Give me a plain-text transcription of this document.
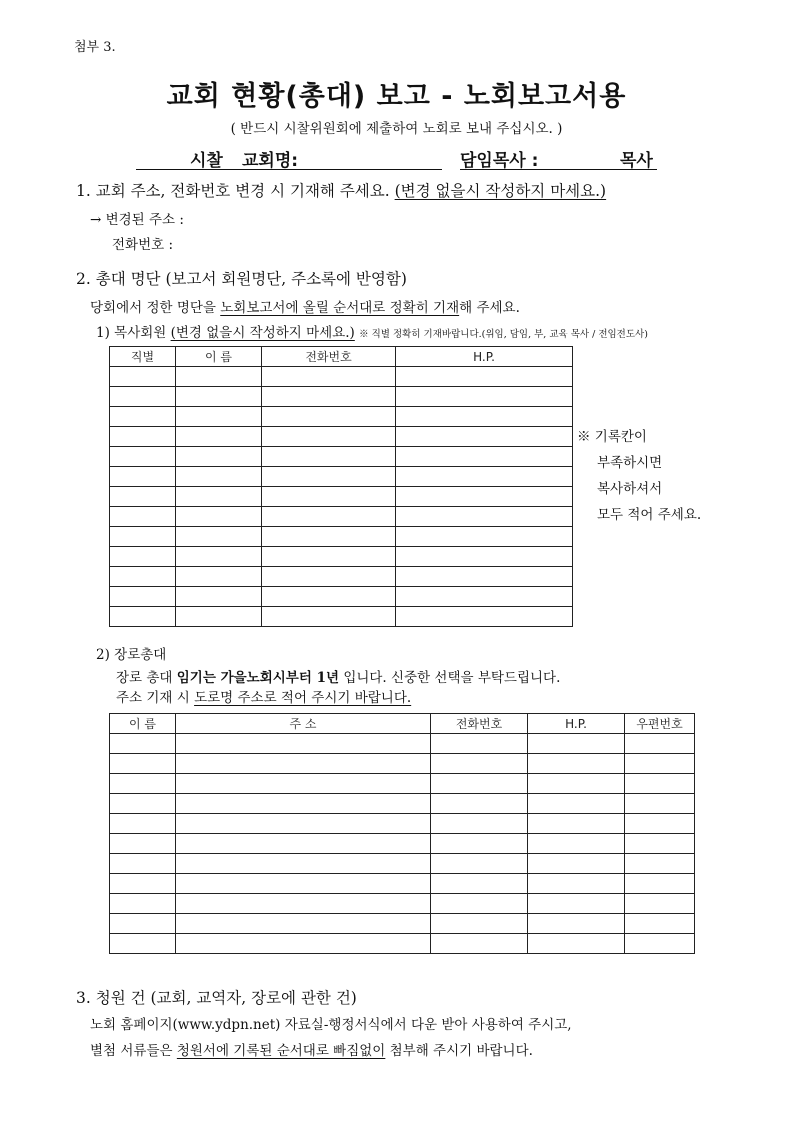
첨부 3.
교회 현황(총대) 보고 - 노회보고서용
( 반드시 시찰위원회에 제출하여 노회로 보내 주십시오. )
시찰 교회명:	담임목사 :	목사
1. 교회 주소, 전화번호 변경 시 기재해 주세요. (변경 없을시 작성하지 마세요.)
→ 변경된 주소 :
전화번호 :
2. 총대 명단 (보고서 회원명단, 주소록에 반영함)
당회에서 정한 명단을 노회보고서에 올릴 순서대로 정확히 기재해 주세요.
1) 목사회원 (변경 없을시 작성하지 마세요.) ※ 직별 정확히 기재바랍니다.(위임, 담임, 부, 교육 목사 / 전임전도사)
직별	이 름	전화번호	H.P.

※ 기록칸이
부족하시면
복사하셔서
모두 적어 주세요.
2) 장로총대
장로 총대 임기는 가을노회시부터 1년 입니다. 신중한 선택을 부탁드립니다.
주소 기재 시 도로명 주소로 적어 주시기 바랍니다.
이 름	주 소	전화번호	H.P.	우편번호

3. 청원 건 (교회, 교역자, 장로에 관한 건)
노회 홈페이지(www.ydpn.net) 자료실-행정서식에서 다운 받아 사용하여 주시고,
별첨 서류들은 청원서에 기록된 순서대로 빠짐없이 첨부해 주시기 바랍니다.
